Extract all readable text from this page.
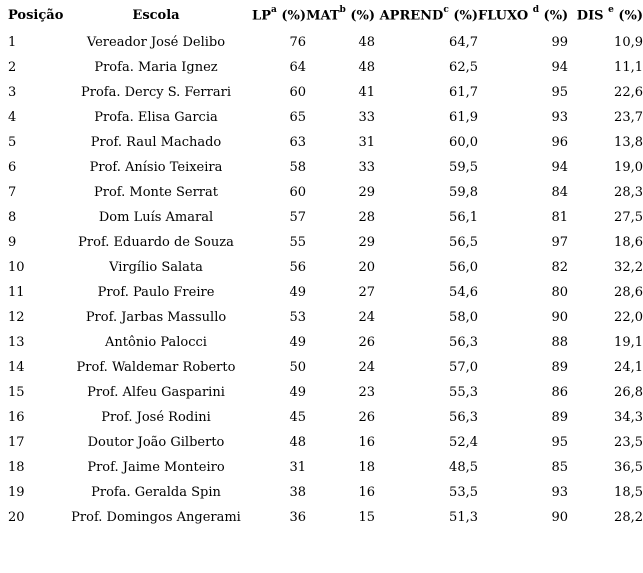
Posição	Escola	$LP^a$ (%)	MAT$^b$ (%)	APREND$^c$ (%)	FLUXO $^d$ (%)	DIS $^e$ (%)
1	Vereador José Delibo	76	48	64,7	99	10,9
2	Profa. Maria Ignez	64	48	62,5	94	11,1
3	Profa. Dercy S. Ferrari	60	41	61,7	95	22,6
4	Profa. Elisa Garcia	65	33	61,9	93	23,7
5	Prof. Raul Machado	63	31	60,0	96	13,8
6	Prof. Anísio Teixeira	58	33	59,5	94	19,0
7	Prof. Monte Serrat	60	29	59,8	84	28,3
8	Dom Luís Amaral	57	28	56,1	81	27,5
9	Prof. Eduardo de Souza	55	29	56,5	97	18,6
10	Virgílio Salata	56	20	56,0	82	32,2
11	Prof. Paulo Freire	49	27	54,6	80	28,6
12	Prof. Jarbas Massullo	53	24	58,0	90	22,0
13	Antônio Palocci	49	26	56,3	88	19,1
14	Prof. Waldemar Roberto	50	24	57,0	89	24,1
15	Prof. Alfeu Gasparini	49	23	55,3	86	26,8
16	Prof. José Rodini	45	26	56,3	89	34,3
17	Doutor João Gilberto	48	16	52,4	95	23,5
18	Prof. Jaime Monteiro	31	18	48,5	85	36,5
19	Profa. Geralda Spin	38	16	53,5	93	18,5
20	Prof. Domingos Angerami	36	15	51,3	90	28,2
